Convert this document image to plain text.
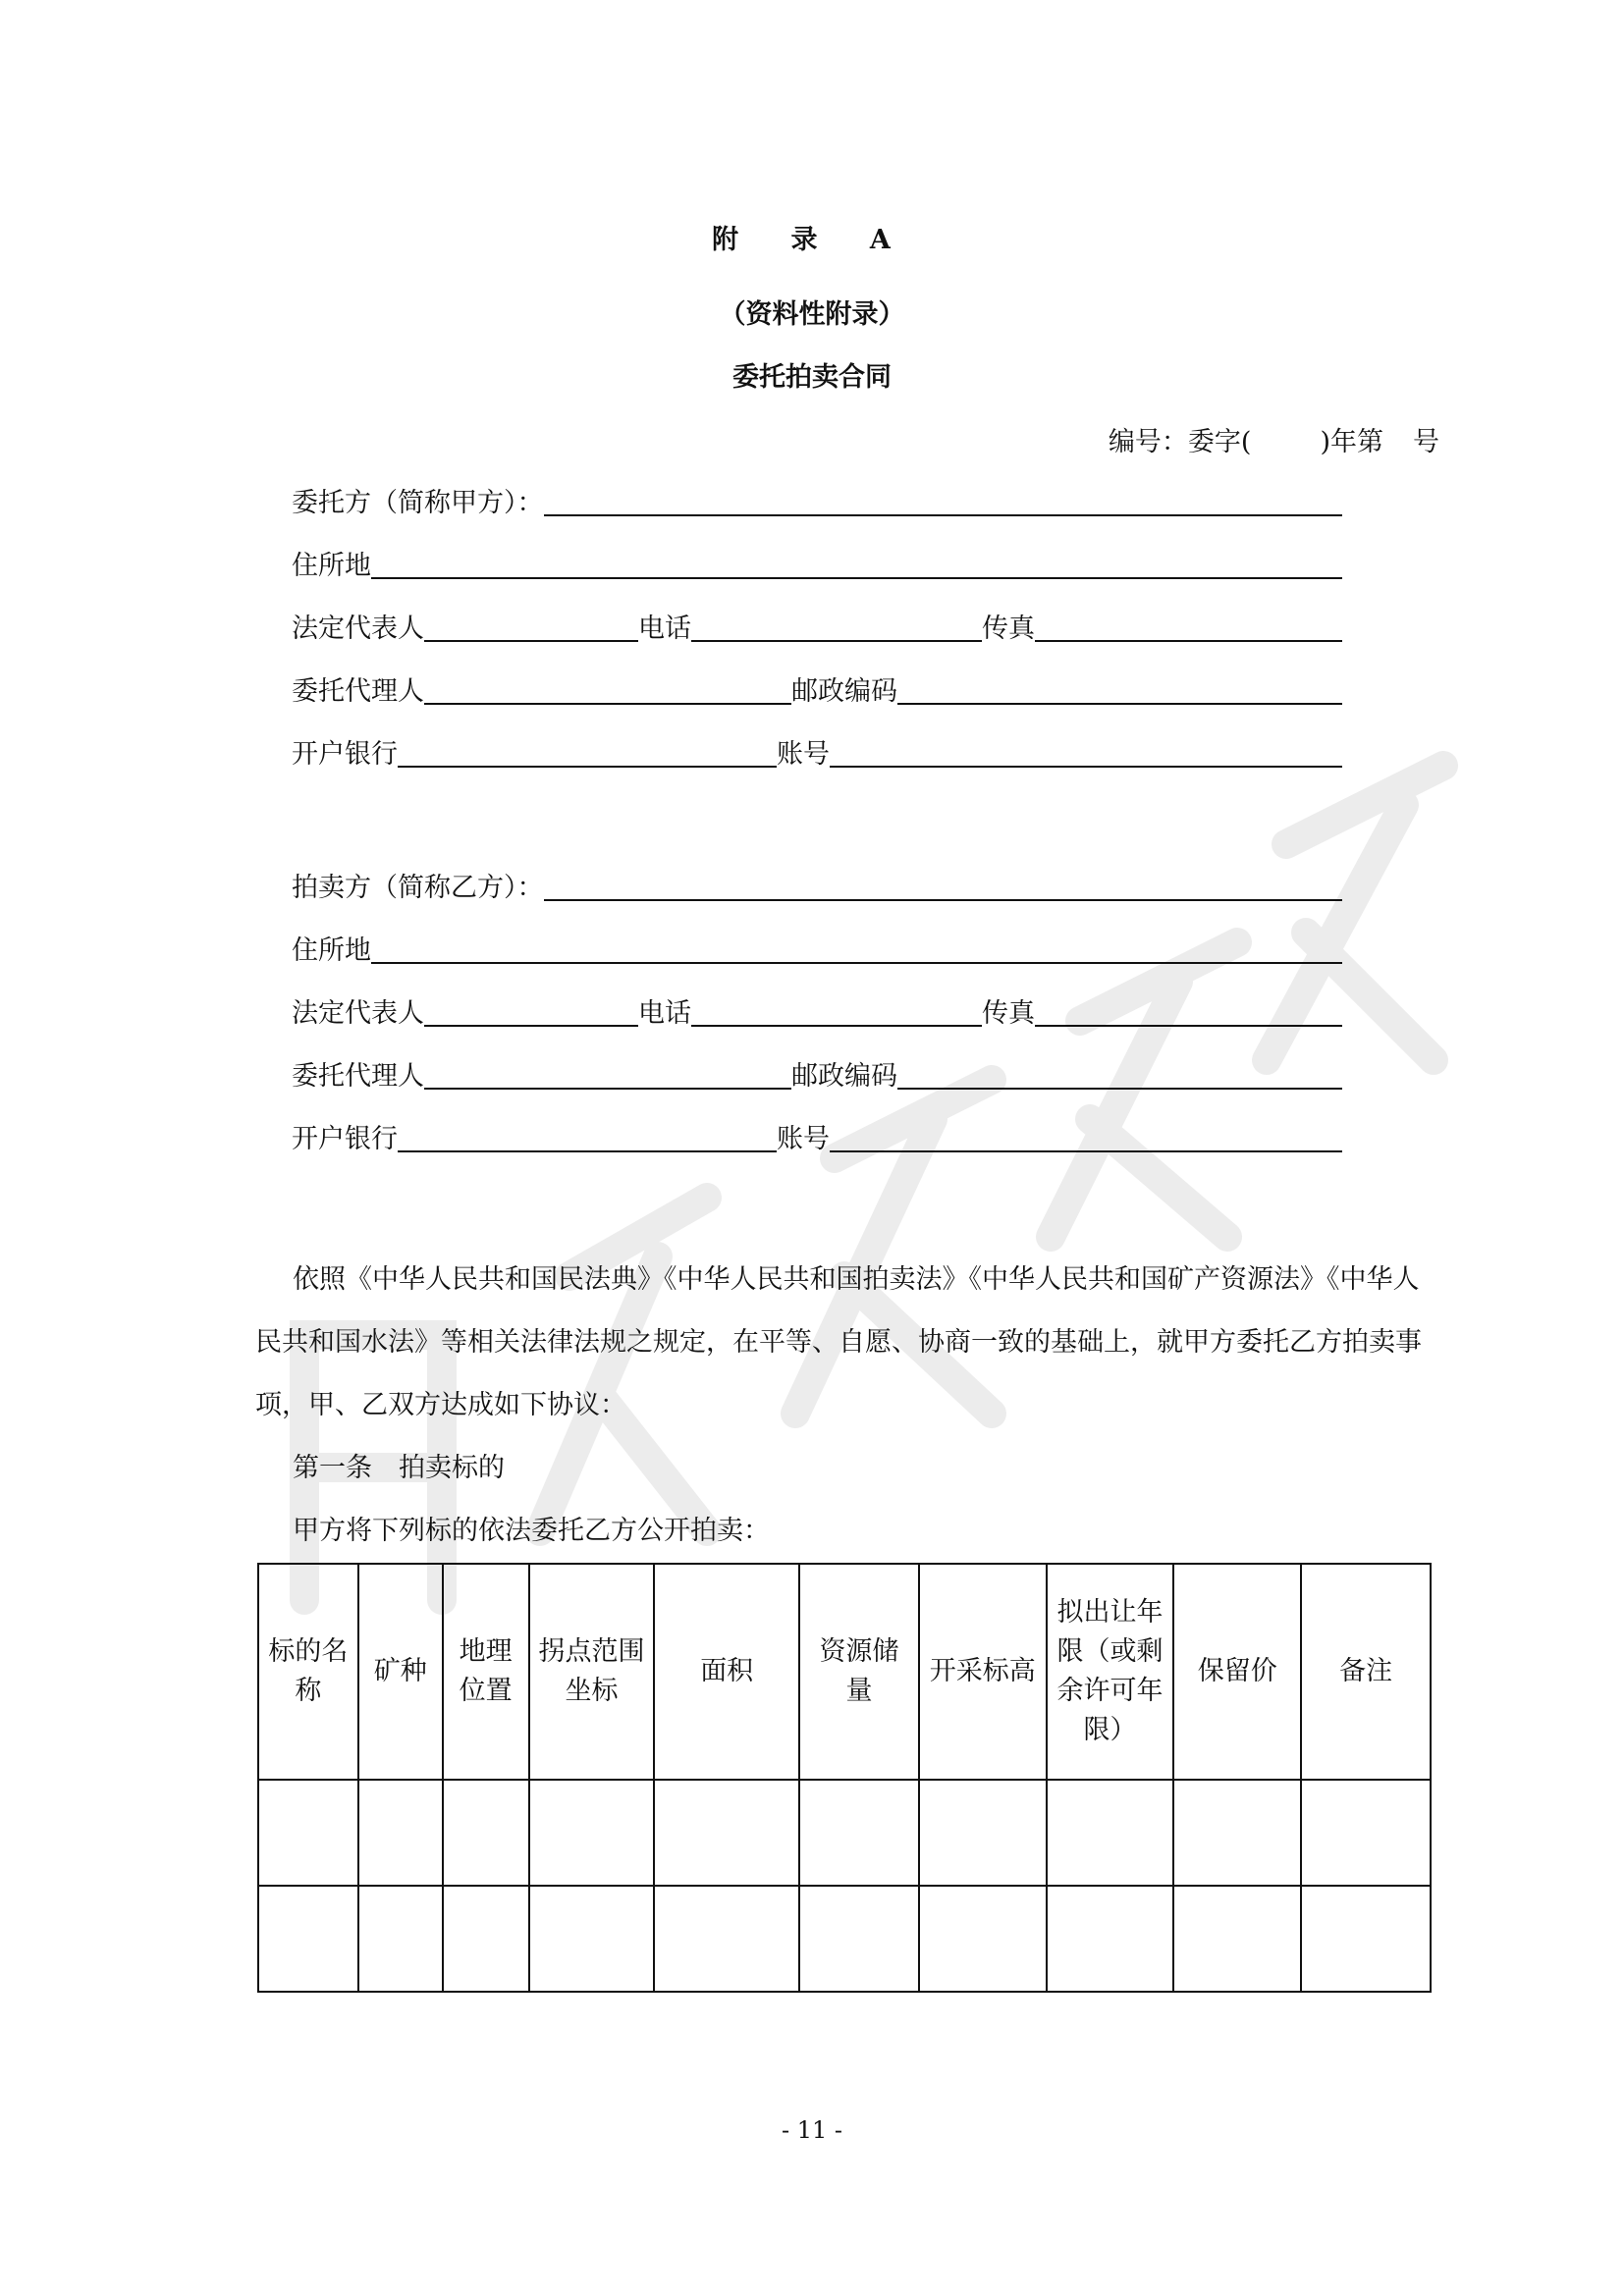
附 录 A
（资料性附录）
委托拍卖合同
编号：委字(	)年第 号
委托方（简称甲方）：
住所地
法定代表人	电话	传真
委托代理人	邮政编码
开户银行	账号
拍卖方（简称乙方）：
住所地
法定代表人	电话	传真
委托代理人	邮政编码
开户银行	账号

依照《中华人民共和国民法典》《中华人民共和国拍卖法》《中华人民共和国矿产资源法》《中华人民共和国水法》等相关法律法规之规定，在平等、自愿、协商一致的基础上，就甲方委托乙方拍卖事项，甲、乙双方达成如下协议：

第一条　拍卖标的

甲方将下列标的依法委托乙方公开拍卖：

标的名称	矿种	地理位置	拐点范围坐标	面积	资源储量	开采标高	拟出让年限（或剩余许可年限）	保留价	备注

- 11 -
